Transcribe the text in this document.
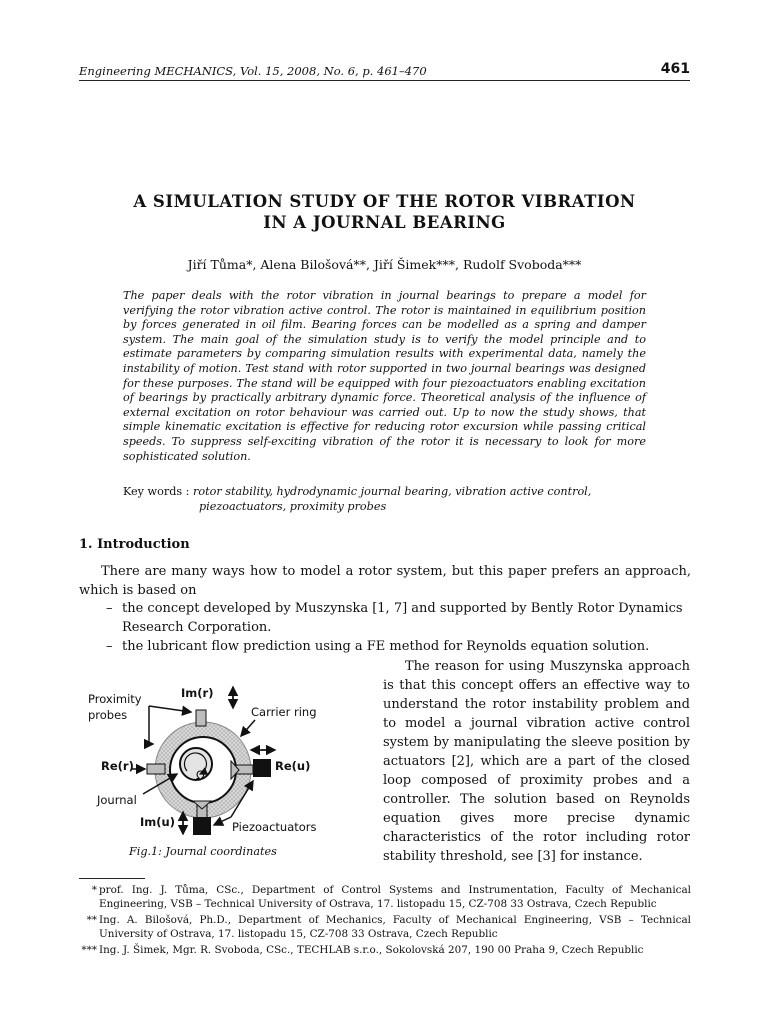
Engineering MECHANICS, Vol. 15, 2008, No. 6, p. 461–470	461
A SIMULATION STUDY OF THE ROTOR VIBRATION
IN A JOURNAL BEARING
Jiří Tůma*, Alena Bilošová**, Jiří Šimek***, Rudolf Svoboda***

The paper deals with the rotor vibration in journal bearings to prepare a model for verifying the rotor vibration active control. The rotor is maintained in equilibrium position by forces generated in oil film. Bearing forces can be modelled as a spring and damper system. The main goal of the simulation study is to verify the model principle and to estimate parameters by comparing simulation results with experimental data, namely the instability of motion. Test stand with rotor supported in two journal bearings was designed for these purposes. The stand will be equipped with four piezoactuators enabling excitation of bearings by practically arbitrary dynamic force. Theoretical analysis of the influence of external excitation on rotor behaviour was carried out. Up to now the study shows, that simple kinematic excitation is effective for reducing rotor excursion while passing critical speeds. To suppress self-exciting vibration of the rotor it is necessary to look for more sophisticated solution.

Key words : rotor stability, hydrodynamic journal bearing, vibration active control,
piezoactuators, proximity probes
1. Introduction

There are many ways how to model a rotor system, but this paper prefers an approach, which is based on

– the concept developed by Muszynska [1, 7] and supported by Bently Rotor Dynamics
Research Corporation.
– the lubricant flow prediction using a FE method for Reynolds equation solution.

The reason for using Muszynska approach is that this concept offers an effective way to understand the rotor instability problem and to model a journal vibration active control system by manipulating the sleeve position by actuators [2], which are a part of the closed loop composed of proximity probes and a controller. The solution based on Reynolds equation gives more precise dynamic characteristics of the rotor including rotor stability threshold, see [3] for instance.

Proximity
probes
Im(r)
Carrier ring
Re(r)	Re(u)
Ω
Journal
Im(u)	Piezoactuators
Fig.1: Journal coordinates
* prof. Ing. J. Tůma, CSc., Department of Control Systems and Instrumentation, Faculty of Mechanical Engineering, VSB – Technical University of Ostrava, 17. listopadu 15, CZ-708 33 Ostrava, Czech Republic
** Ing. A. Bilošová, Ph.D., Department of Mechanics, Faculty of Mechanical Engineering, VSB – Technical University of Ostrava, 17. listopadu 15, CZ-708 33 Ostrava, Czech Republic
*** Ing. J. Šimek, Mgr. R. Svoboda, CSc., TECHLAB s.r.o., Sokolovská 207, 190 00 Praha 9, Czech Republic
